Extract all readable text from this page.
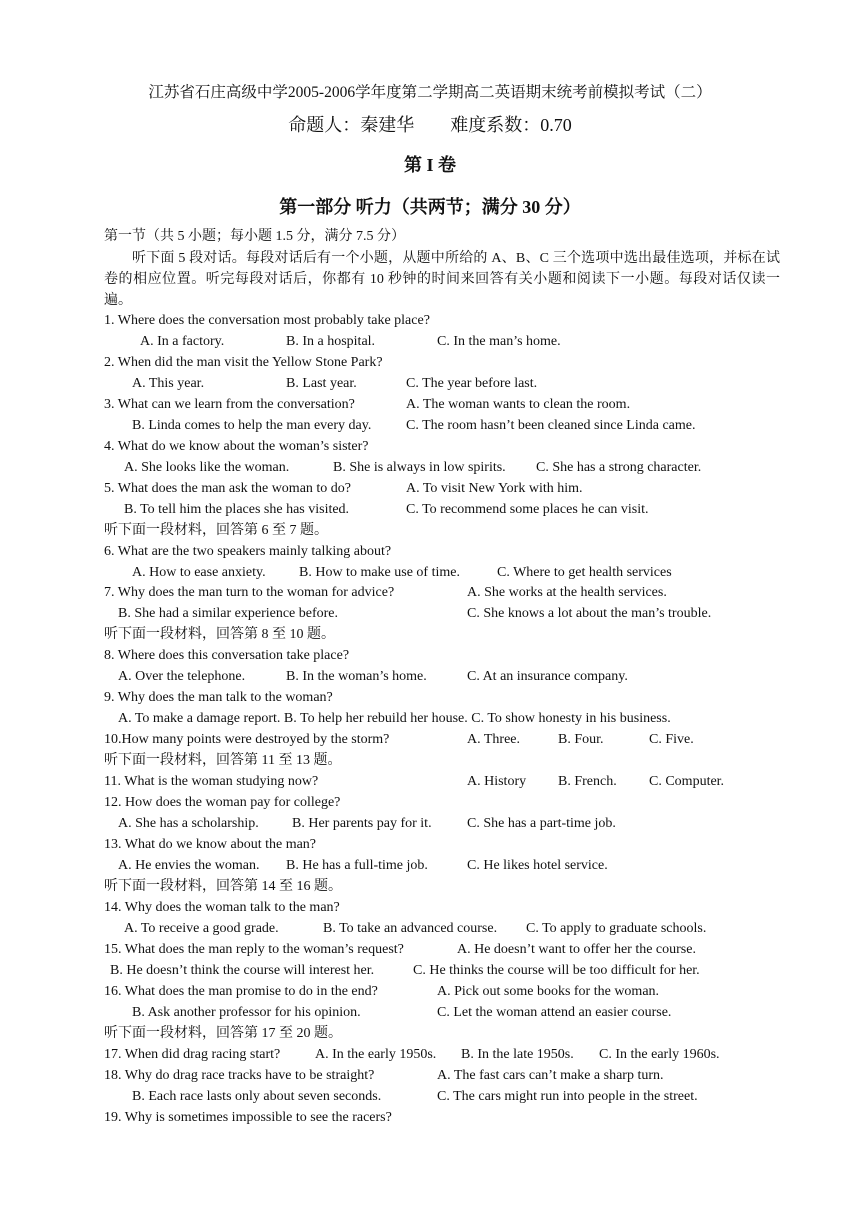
江苏省石庄高级中学2005-2006学年度第二学期高二英语期末统考前模拟考试（二）
命题人：秦建华　　难度系数：0.70
第 I 卷
第一部分 听力（共两节；满分 30 分）
第一节（共 5 小题；每小题 1.5 分，满分 7.5 分）
听下面 5 段对话。每段对话后有一个小题，从题中所给的 A、B、C 三个选项中选出最佳选项，并标在试卷的相应位置。听完每段对话后，你都有 10 秒钟的时间来回答有关小题和阅读下一小题。每段对话仅读一遍。
1. Where does the conversation most probably take place?
A. In a factory.	B. In a hospital.	C. In the man’s home.
2. When did the man visit the Yellow Stone Park?
A. This year.	B. Last year.	C. The year before last.
3. What can we learn from the conversation?	A. The woman wants to clean the room.
B. Linda comes to help the man every day. C. The room hasn’t been cleaned since Linda came.
4. What do we know about the woman’s sister?
A. She looks like the woman.	B. She is always in low spirits. C. She has a strong character.
5. What does the man ask the woman to do?	A. To visit New York with him.
B. To tell him the places she has visited.	C. To recommend some places he can visit.
听下面一段材料，回答第 6 至 7 题。
6. What are the two speakers mainly talking about?
A. How to ease anxiety. B. How to make use of time.	C. Where to get health services
7. Why does the man turn to the woman for advice?	A. She works at the health services.
B. She had a similar experience before.	C. She knows a lot about the man’s trouble.
听下面一段材料，回答第 8 至 10 题。
8. Where does this conversation take place?
A. Over the telephone.	B. In the woman’s home.	C. At an insurance company.
9. Why does the man talk to the woman?
A. To make a damage report. B. To help her rebuild her house. C. To show honesty in his business.
10.How many points were destroyed by the storm?	A. Three.	B. Four.	C. Five.
听下面一段材料，回答第 11 至 13 题。
11. What is the woman studying now?	A. History B. French. C. Computer.
12. How does the woman pay for college?
A. She has a scholarship. B. Her parents pay for it.	C. She has a part-time job.
13. What do we know about the man?
A. He envies the woman. B. He has a full-time job.	C. He likes hotel service.
听下面一段材料，回答第 14 至 16 题。
14. Why does the woman talk to the man?
A. To receive a good grade.	B. To take an advanced course. C. To apply to graduate schools.
15. What does the man reply to the woman’s request?	A. He doesn’t want to offer her the course.
B. He doesn’t think the course will interest her.	C. He thinks the course will be too difficult for her.
16. What does the man promise to do in the end?	A. Pick out some books for the woman.
B. Ask another professor for his opinion.	C. Let the woman attend an easier course.
听下面一段材料，回答第 17 至 20 题。
17. When did drag racing start? A. In the early 1950s. B. In the late 1950s. C. In the early 1960s.
18. Why do drag race tracks have to be straight?	A. The fast cars can’t make a sharp turn.
B. Each race lasts only about seven seconds.	C. The cars might run into people in the street.
19. Why is sometimes impossible to see the racers?
